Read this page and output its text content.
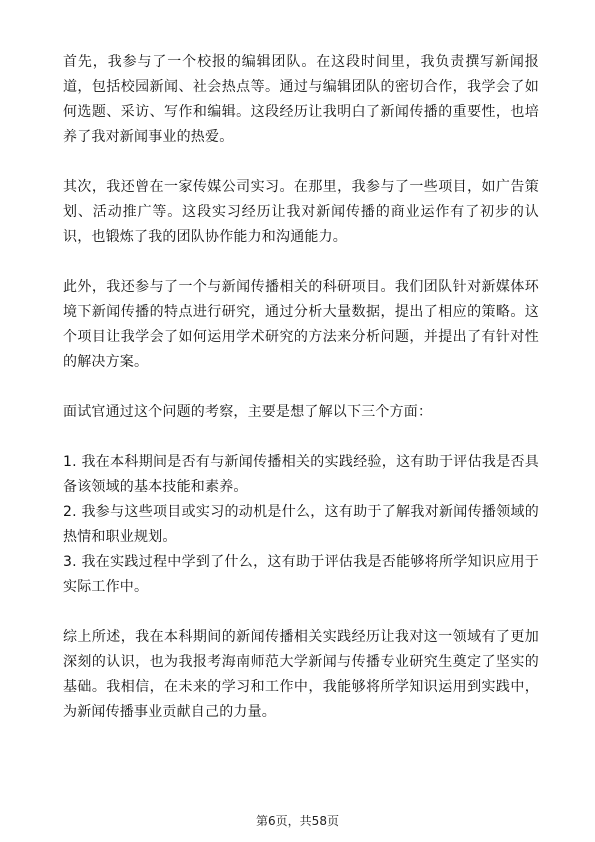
首先，我参与了一个校报的编辑团队。在这段时间里，我负责撰写新闻报道，包括校园新闻、社会热点等。通过与编辑团队的密切合作，我学会了如何选题、采访、写作和编辑。这段经历让我明白了新闻传播的重要性，也培养了我对新闻事业的热爱。

其次，我还曾在一家传媒公司实习。在那里，我参与了一些项目，如广告策划、活动推广等。这段实习经历让我对新闻传播的商业运作有了初步的认识，也锻炼了我的团队协作能力和沟通能力。

此外，我还参与了一个与新闻传播相关的科研项目。我们团队针对新媒体环境下新闻传播的特点进行研究，通过分析大量数据，提出了相应的策略。这个项目让我学会了如何运用学术研究的方法来分析问题，并提出了有针对性的解决方案。

面试官通过这个问题的考察，主要是想了解以下三个方面：

1. 我在本科期间是否有与新闻传播相关的实践经验，这有助于评估我是否具备该领域的基本技能和素养。

2. 我参与这些项目或实习的动机是什么，这有助于了解我对新闻传播领域的热情和职业规划。

3. 我在实践过程中学到了什么，这有助于评估我是否能够将所学知识应用于实际工作中。

综上所述，我在本科期间的新闻传播相关实践经历让我对这一领域有了更加深刻的认识，也为我报考海南师范大学新闻与传播专业研究生奠定了坚实的基础。我相信，在未来的学习和工作中，我能够将所学知识运用到实践中，为新闻传播事业贡献自己的力量。

第6页，共58页
